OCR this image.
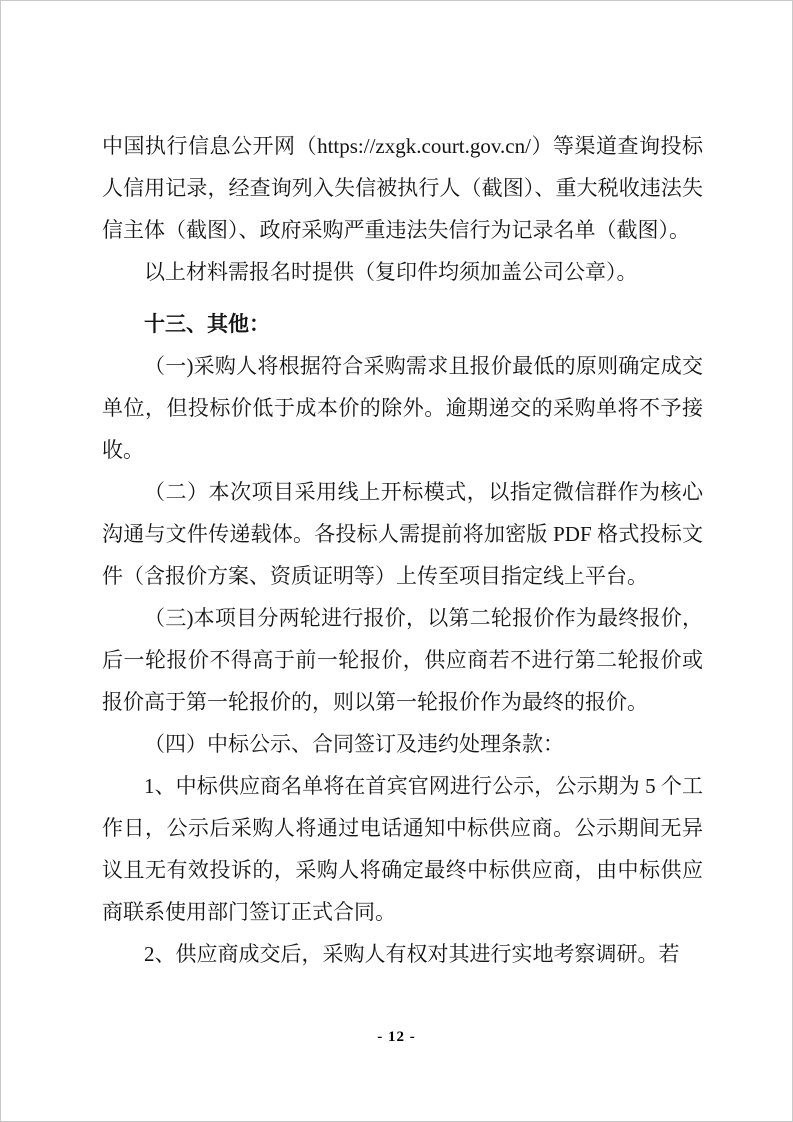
中国执行信息公开网（https://zxgk.court.gov.cn/）等渠道查询投标人信用记录，经查询列入失信被执行人（截图）、重大税收违法失信主体（截图）、政府采购严重违法失信行为记录名单（截图）。

以上材料需报名时提供（复印件均须加盖公司公章）。

十三、其他：

（一)采购人将根据符合采购需求且报价最低的原则确定成交单位，但投标价低于成本价的除外。逾期递交的采购单将不予接收。

（二）本次项目采用线上开标模式，以指定微信群作为核心沟通与文件传递载体。各投标人需提前将加密版 PDF 格式投标文件（含报价方案、资质证明等）上传至项目指定线上平台。

（三)本项目分两轮进行报价，以第二轮报价作为最终报价，后一轮报价不得高于前一轮报价，供应商若不进行第二轮报价或报价高于第一轮报价的，则以第一轮报价作为最终的报价。

（四）中标公示、合同签订及违约处理条款：

1、中标供应商名单将在首宾官网进行公示，公示期为 5 个工作日，公示后采购人将通过电话通知中标供应商。公示期间无异议且无有效投诉的，采购人将确定最终中标供应商，由中标供应商联系使用部门签订正式合同。

2、供应商成交后，采购人有权对其进行实地考察调研。若

- 12 -
